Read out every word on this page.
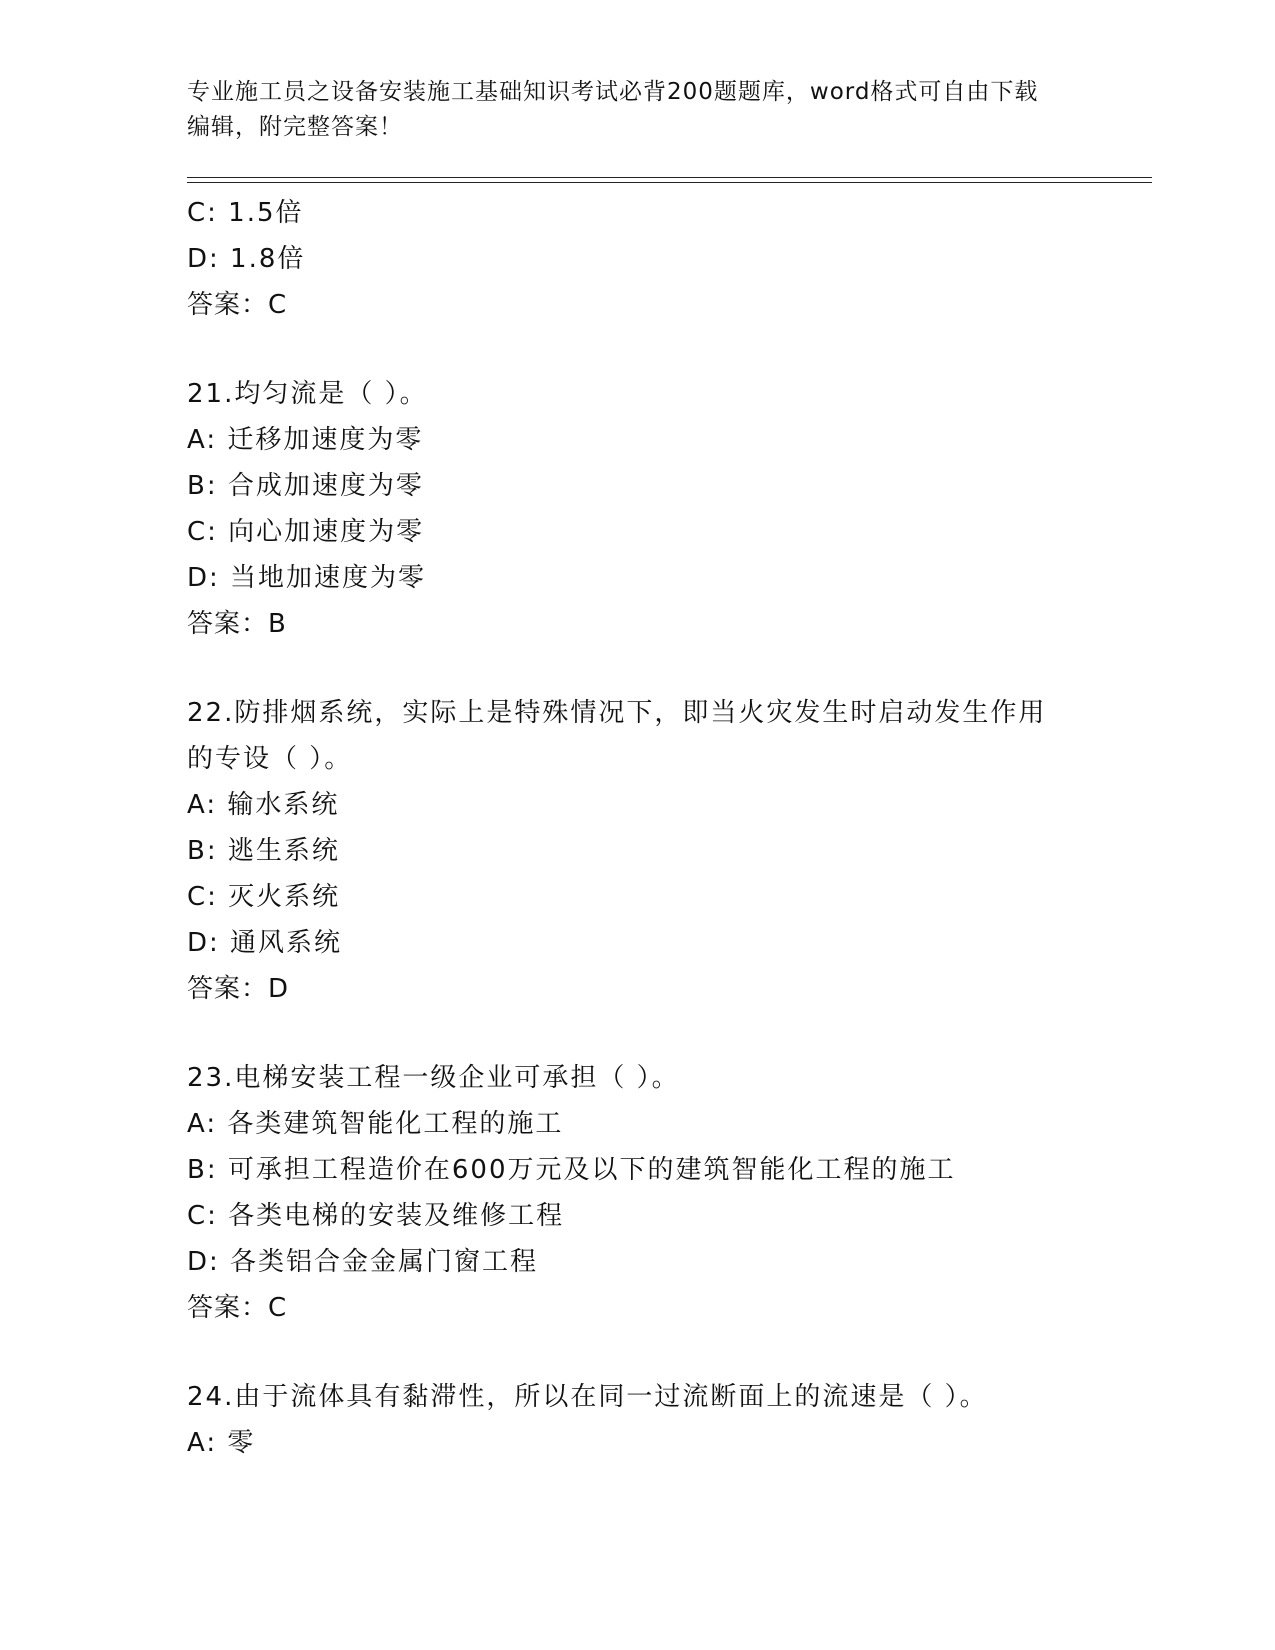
专业施工员之设备安装施工基础知识考试必背200题题库，word格式可自由下载
编辑，附完整答案！
C: 1.5倍
D: 1.8倍
答案：C
21.均匀流是（ ）。
A: 迁移加速度为零
B: 合成加速度为零
C: 向心加速度为零
D: 当地加速度为零
答案：B
22.防排烟系统，实际上是特殊情况下，即当火灾发生时启动发生作用
的专设（ ）。
A: 输水系统
B: 逃生系统
C: 灭火系统
D: 通风系统
答案：D
23.电梯安装工程一级企业可承担（ ）。
A: 各类建筑智能化工程的施工
B: 可承担工程造价在600万元及以下的建筑智能化工程的施工
C: 各类电梯的安装及维修工程
D: 各类铝合金金属门窗工程
答案：C
24.由于流体具有黏滞性，所以在同一过流断面上的流速是（ ）。
A: 零
